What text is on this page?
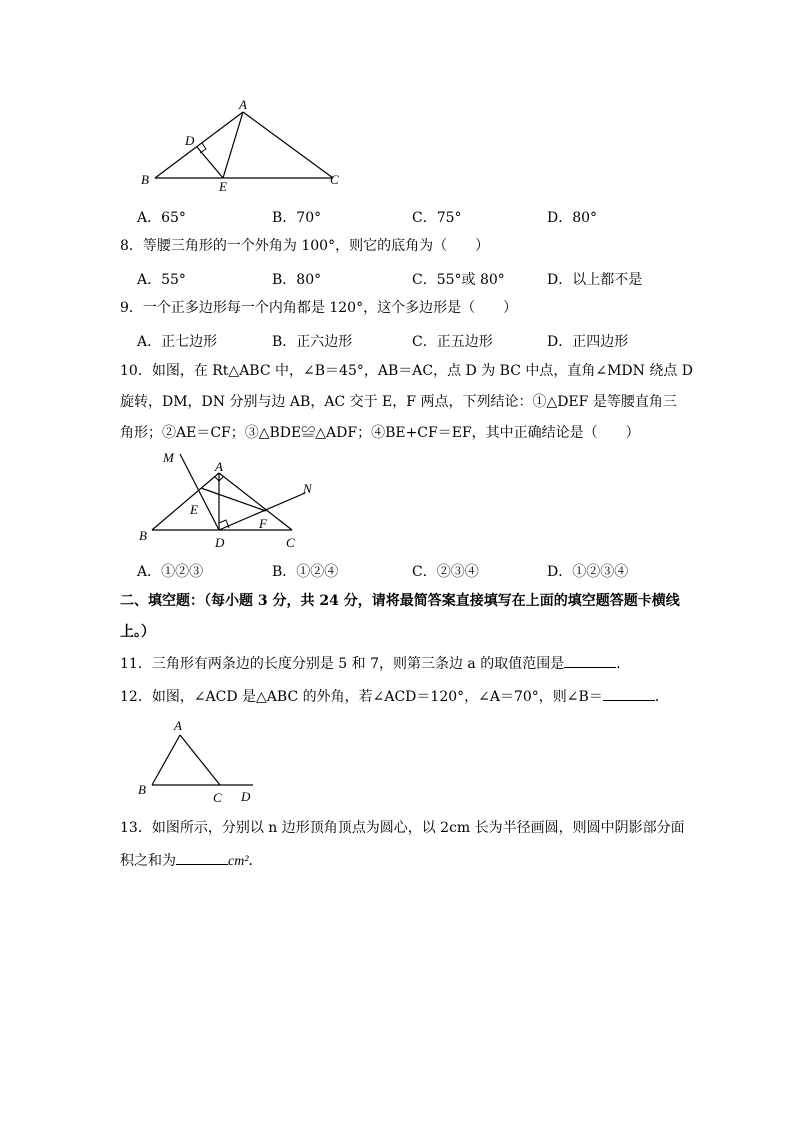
A
B	C
D
E
A．65°	B．70°	C．75°	D．80°
8．等腰三角形的一个外角为 100°，则它的底角为（　　）
A．55°	B．80°	C．55°或 80°	D．以上都不是
9．一个正多边形每一个内角都是 120°，这个多边形是（　　）
A．正七边形	B．正六边形	C．正五边形	D．正四边形
10．如图，在 Rt△ABC 中，∠B＝45°，AB＝AC，点 D 为 BC 中点，直角∠MDN 绕点 D
旋转，DM，DN 分别与边 AB，AC 交于 E，F 两点，下列结论：①△DEF 是等腰直角三
角形；②AE＝CF；③△BDE≌△ADF；④BE+CF＝EF，其中正确结论是（　　）
M
A
N
E
F
B	D	C
A．①②③	B．①②④	C．②③④	D．①②③④
二、填空题：（每小题 3 分，共 24 分，请将最简答案直接填写在上面的填空题答题卡横线
上。）
11．三角形有两条边的长度分别是 5 和 7，则第三条边 a 的取值范围是	．
12．如图，∠ACD 是△ABC 的外角，若∠ACD＝120°，∠A＝70°，则∠B＝	．
A
B
C D
13．如图所示，分别以 n 边形顶角顶点为圆心，以 2cm 长为半径画圆，则圆中阴影部分面
积之和为	cm²．
